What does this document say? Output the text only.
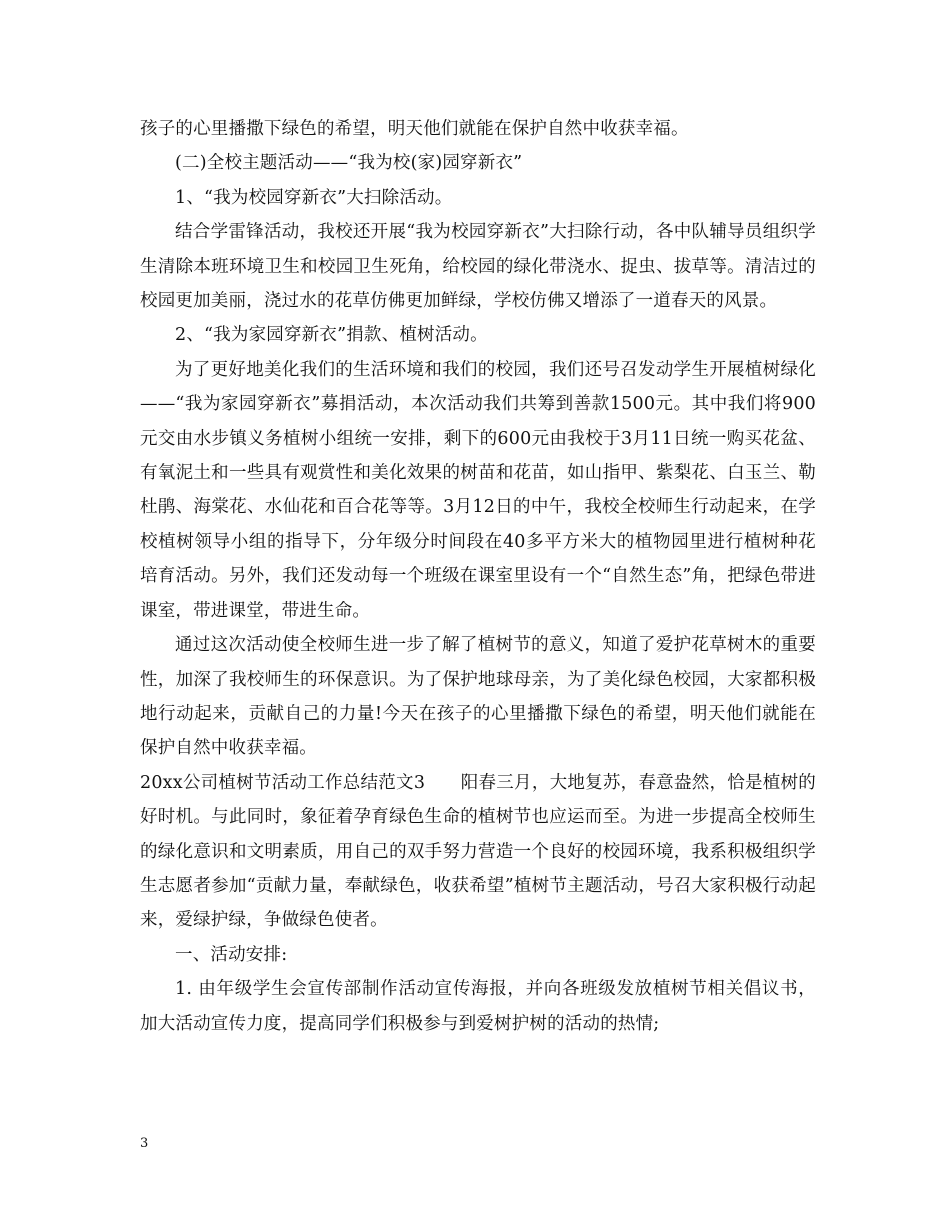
孩子的心里播撒下绿色的希望，明天他们就能在保护自然中收获幸福。

(二)全校主题活动——“我为校(家)园穿新衣”

1、“我为校园穿新衣”大扫除活动。

结合学雷锋活动，我校还开展“我为校园穿新衣”大扫除行动，各中队辅导员组织学生清除本班环境卫生和校园卫生死角，给校园的绿化带浇水、捉虫、拔草等。清洁过的校园更加美丽，浇过水的花草仿佛更加鲜绿，学校仿佛又增添了一道春天的风景。

2、“我为家园穿新衣”捐款、植树活动。

为了更好地美化我们的生活环境和我们的校园，我们还号召发动学生开展植树绿化——“我为家园穿新衣”募捐活动，本次活动我们共筹到善款1500元。其中我们将900元交由水步镇义务植树小组统一安排，剩下的600元由我校于3月11日统一购买花盆、有氧泥土和一些具有观赏性和美化效果的树苗和花苗，如山指甲、紫梨花、白玉兰、勒杜鹃、海棠花、水仙花和百合花等等。3月12日的中午，我校全校师生行动起来，在学校植树领导小组的指导下，分年级分时间段在40多平方米大的植物园里进行植树种花培育活动。另外，我们还发动每一个班级在课室里设有一个“自然生态”角，把绿色带进课室，带进课堂，带进生命。

通过这次活动使全校师生进一步了解了植树节的意义，知道了爱护花草树木的重要性，加深了我校师生的环保意识。为了保护地球母亲，为了美化绿色校园，大家都积极地行动起来，贡献自己的力量!今天在孩子的心里播撒下绿色的希望，明天他们就能在保护自然中收获幸福。

20xx公司植树节活动工作总结范文3　　阳春三月，大地复苏，春意盎然，恰是植树的好时机。与此同时，象征着孕育绿色生命的植树节也应运而至。为进一步提高全校师生的绿化意识和文明素质，用自己的双手努力营造一个良好的校园环境，我系积极组织学生志愿者参加“贡献力量，奉献绿色，收获希望”植树节主题活动，号召大家积极行动起来，爱绿护绿，争做绿色使者。

一、活动安排:

1. 由年级学生会宣传部制作活动宣传海报，并向各班级发放植树节相关倡议书，加大活动宣传力度，提高同学们积极参与到爱树护树的活动的热情;

3
